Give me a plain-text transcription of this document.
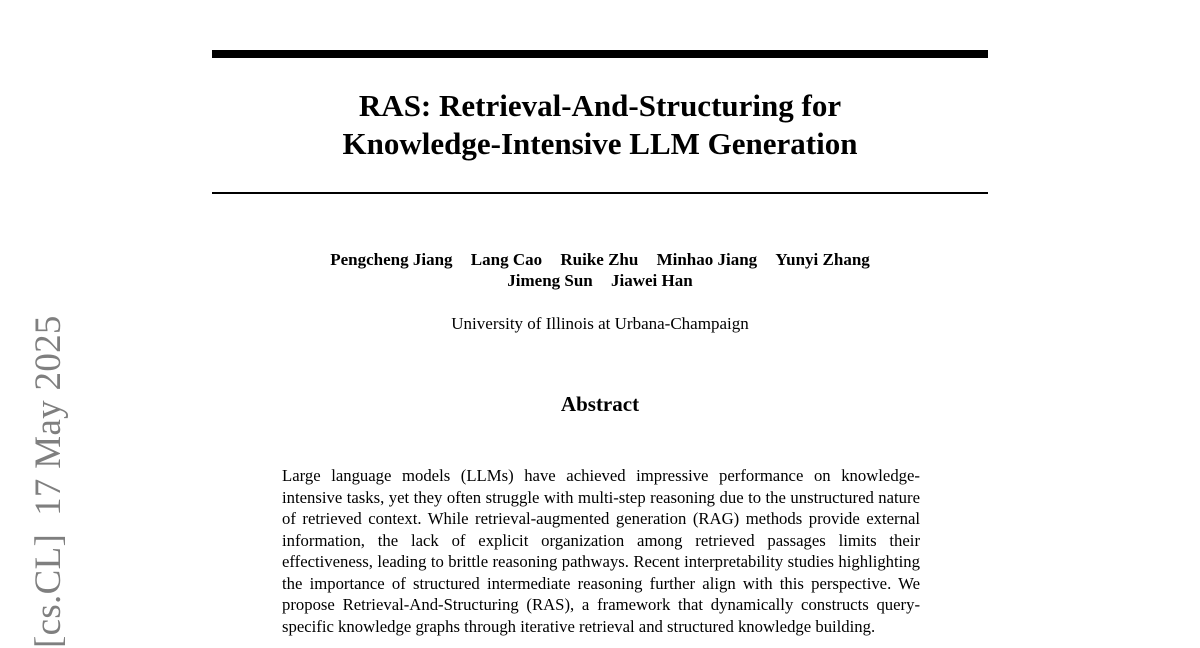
RAS: Retrieval-And-Structuring for
Knowledge-Intensive LLM Generation
Pengcheng Jiang Lang Cao Ruike Zhu Minhao Jiang Yunyi Zhang
Jimeng Sun Jiawei Han
University of Illinois at Urbana-Champaign
Abstract
Large language models (LLMs) have achieved impressive performance on knowledge-intensive tasks, yet they often struggle with multi-step reasoning due to the unstructured nature of retrieved context. While retrieval-augmented generation (RAG) methods provide external information, the lack of explicit organization among retrieved passages limits their effectiveness, leading to brittle reasoning pathways. Recent interpretability studies highlighting the importance of structured intermediate reasoning further align with this perspective. We propose Retrieval-And-Structuring (RAS), a framework that dynamically constructs query-specific knowledge graphs through iterative retrieval and structured knowledge building.
[cs.CL]17 May 2025
